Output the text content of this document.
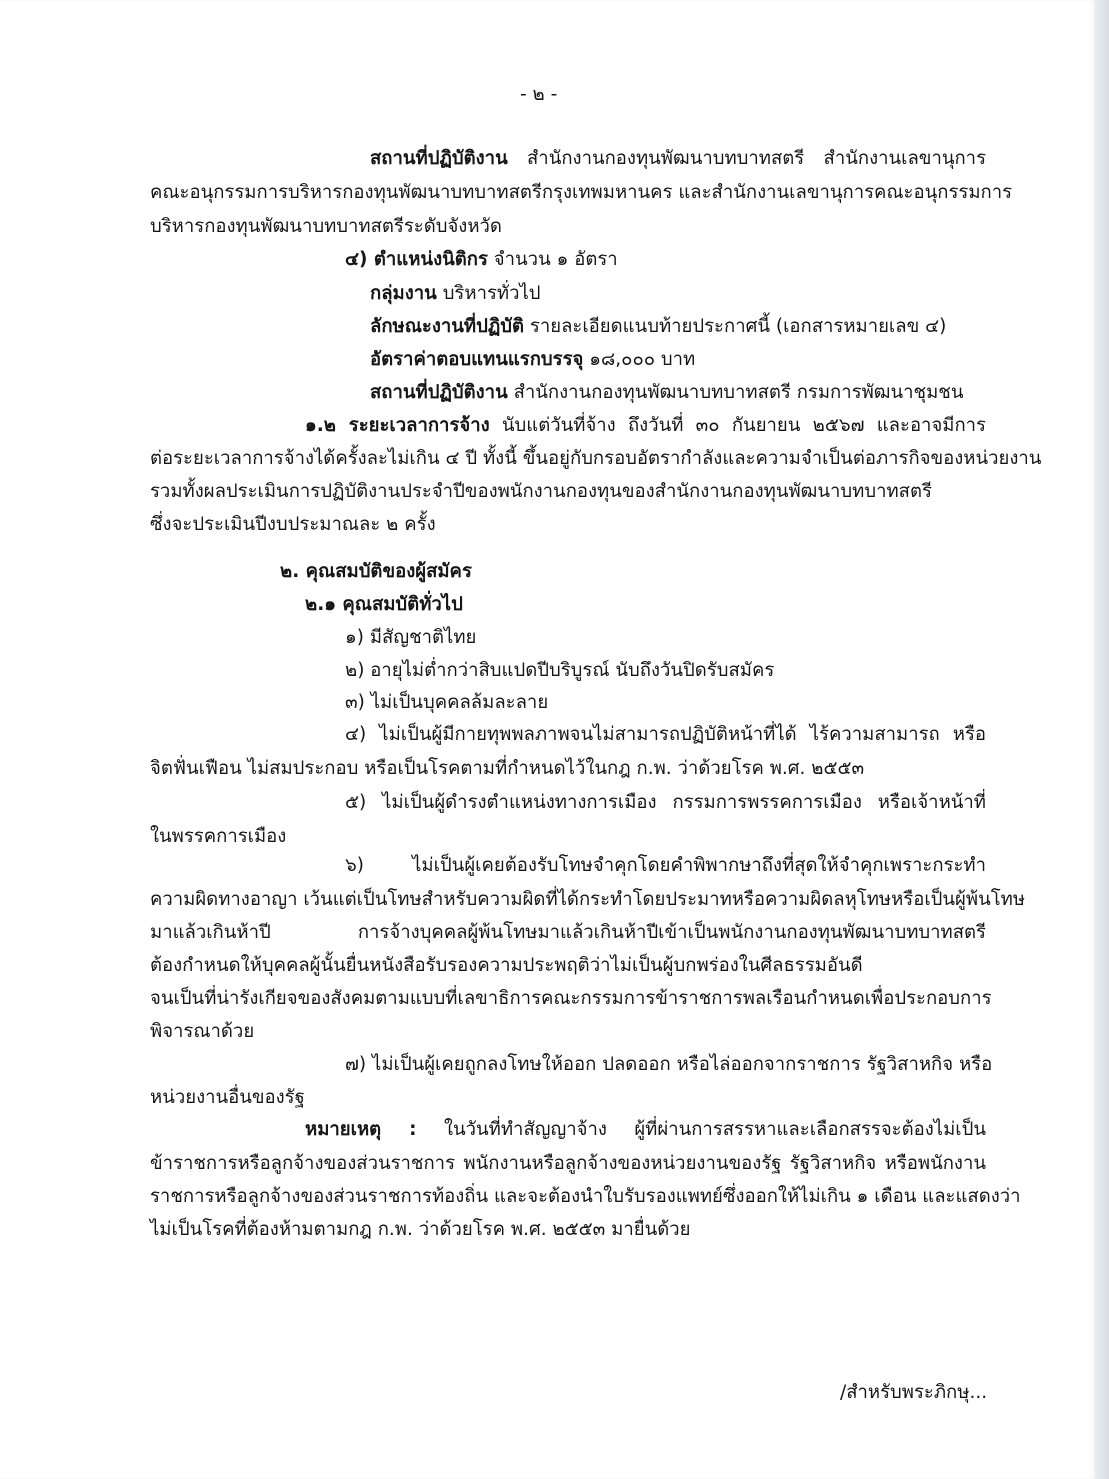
- ๒ -
สถานที่ปฏิบัติงาน สำนักงานกองทุนพัฒนาบทบาทสตรี สำนักงานเลขานุการ
คณะอนุกรรมการบริหารกองทุนพัฒนาบทบาทสตรีกรุงเทพมหานคร และสำนักงานเลขานุการคณะอนุกรรมการ
บริหารกองทุนพัฒนาบทบาทสตรีระดับจังหวัด
๔) ตำแหน่งนิติกร จำนวน ๑ อัตรา
กลุ่มงาน บริหารทั่วไป
ลักษณะงานที่ปฏิบัติ รายละเอียดแนบท้ายประกาศนี้ (เอกสารหมายเลข ๔)
อัตราค่าตอบแทนแรกบรรจุ ๑๘,๐๐๐ บาท
สถานที่ปฏิบัติงาน สำนักงานกองทุนพัฒนาบทบาทสตรี กรมการพัฒนาชุมชน
๑.๒ ระยะเวลาการจ้าง นับแต่วันที่จ้าง ถึงวันที่ ๓๐ กันยายน ๒๕๖๗ และอาจมีการ
ต่อระยะเวลาการจ้างได้ครั้งละไม่เกิน ๔ ปี ทั้งนี้ ขึ้นอยู่กับกรอบอัตรากำลังและความจำเป็นต่อภารกิจของหน่วยงาน
รวมทั้งผลประเมินการปฏิบัติงานประจำปีของพนักงานกองทุนของสำนักงานกองทุนพัฒนาบทบาทสตรี
ซึ่งจะประเมินปีงบประมาณละ ๒ ครั้ง
๒. คุณสมบัติของผู้สมัคร
๒.๑ คุณสมบัติทั่วไป
๑) มีสัญชาติไทย
๒) อายุไม่ต่ำกว่าสิบแปดปีบริบูรณ์ นับถึงวันปิดรับสมัคร
๓) ไม่เป็นบุคคลล้มละลาย
๔) ไม่เป็นผู้มีกายทุพพลภาพจนไม่สามารถปฏิบัติหน้าที่ได้ ไร้ความสามารถ หรือ
จิตฟั่นเฟือน ไม่สมประกอบ หรือเป็นโรคตามที่กำหนดไว้ในกฎ ก.พ. ว่าด้วยโรค พ.ศ. ๒๕๕๓
๕) ไม่เป็นผู้ดำรงตำแหน่งทางการเมือง กรรมการพรรคการเมือง หรือเจ้าหน้าที่
ในพรรคการเมือง
๖) ไม่เป็นผู้เคยต้องรับโทษจำคุกโดยคำพิพากษาถึงที่สุดให้จำคุกเพราะกระทำ
ความผิดทางอาญา เว้นแต่เป็นโทษสำหรับความผิดที่ได้กระทำโดยประมาทหรือความผิดลหุโทษหรือเป็นผู้พ้นโทษ
มาแล้วเกินห้าปี การจ้างบุคคลผู้พ้นโทษมาแล้วเกินห้าปีเข้าเป็นพนักงานกองทุนพัฒนาบทบาทสตรี
ต้องกำหนดให้บุคคลผู้นั้นยื่นหนังสือรับรองความประพฤติว่าไม่เป็นผู้บกพร่องในศีลธรรมอันดี
จนเป็นที่น่ารังเกียจของสังคมตามแบบที่เลขาธิการคณะกรรมการข้าราชการพลเรือนกำหนดเพื่อประกอบการ
พิจารณาด้วย
๗) ไม่เป็นผู้เคยถูกลงโทษให้ออก ปลดออก หรือไล่ออกจากราชการ รัฐวิสาหกิจ หรือ
หน่วยงานอื่นของรัฐ
หมายเหตุ : ในวันที่ทำสัญญาจ้าง ผู้ที่ผ่านการสรรหาและเลือกสรรจะต้องไม่เป็น
ข้าราชการหรือลูกจ้างของส่วนราชการ พนักงานหรือลูกจ้างของหน่วยงานของรัฐ รัฐวิสาหกิจ หรือพนักงาน
ราชการหรือลูกจ้างของส่วนราชการท้องถิ่น และจะต้องนำใบรับรองแพทย์ซึ่งออกให้ไม่เกิน ๑ เดือน และแสดงว่า
ไม่เป็นโรคที่ต้องห้ามตามกฎ ก.พ. ว่าด้วยโรค พ.ศ. ๒๕๕๓ มายื่นด้วย
/สำหรับพระภิกษุ...
